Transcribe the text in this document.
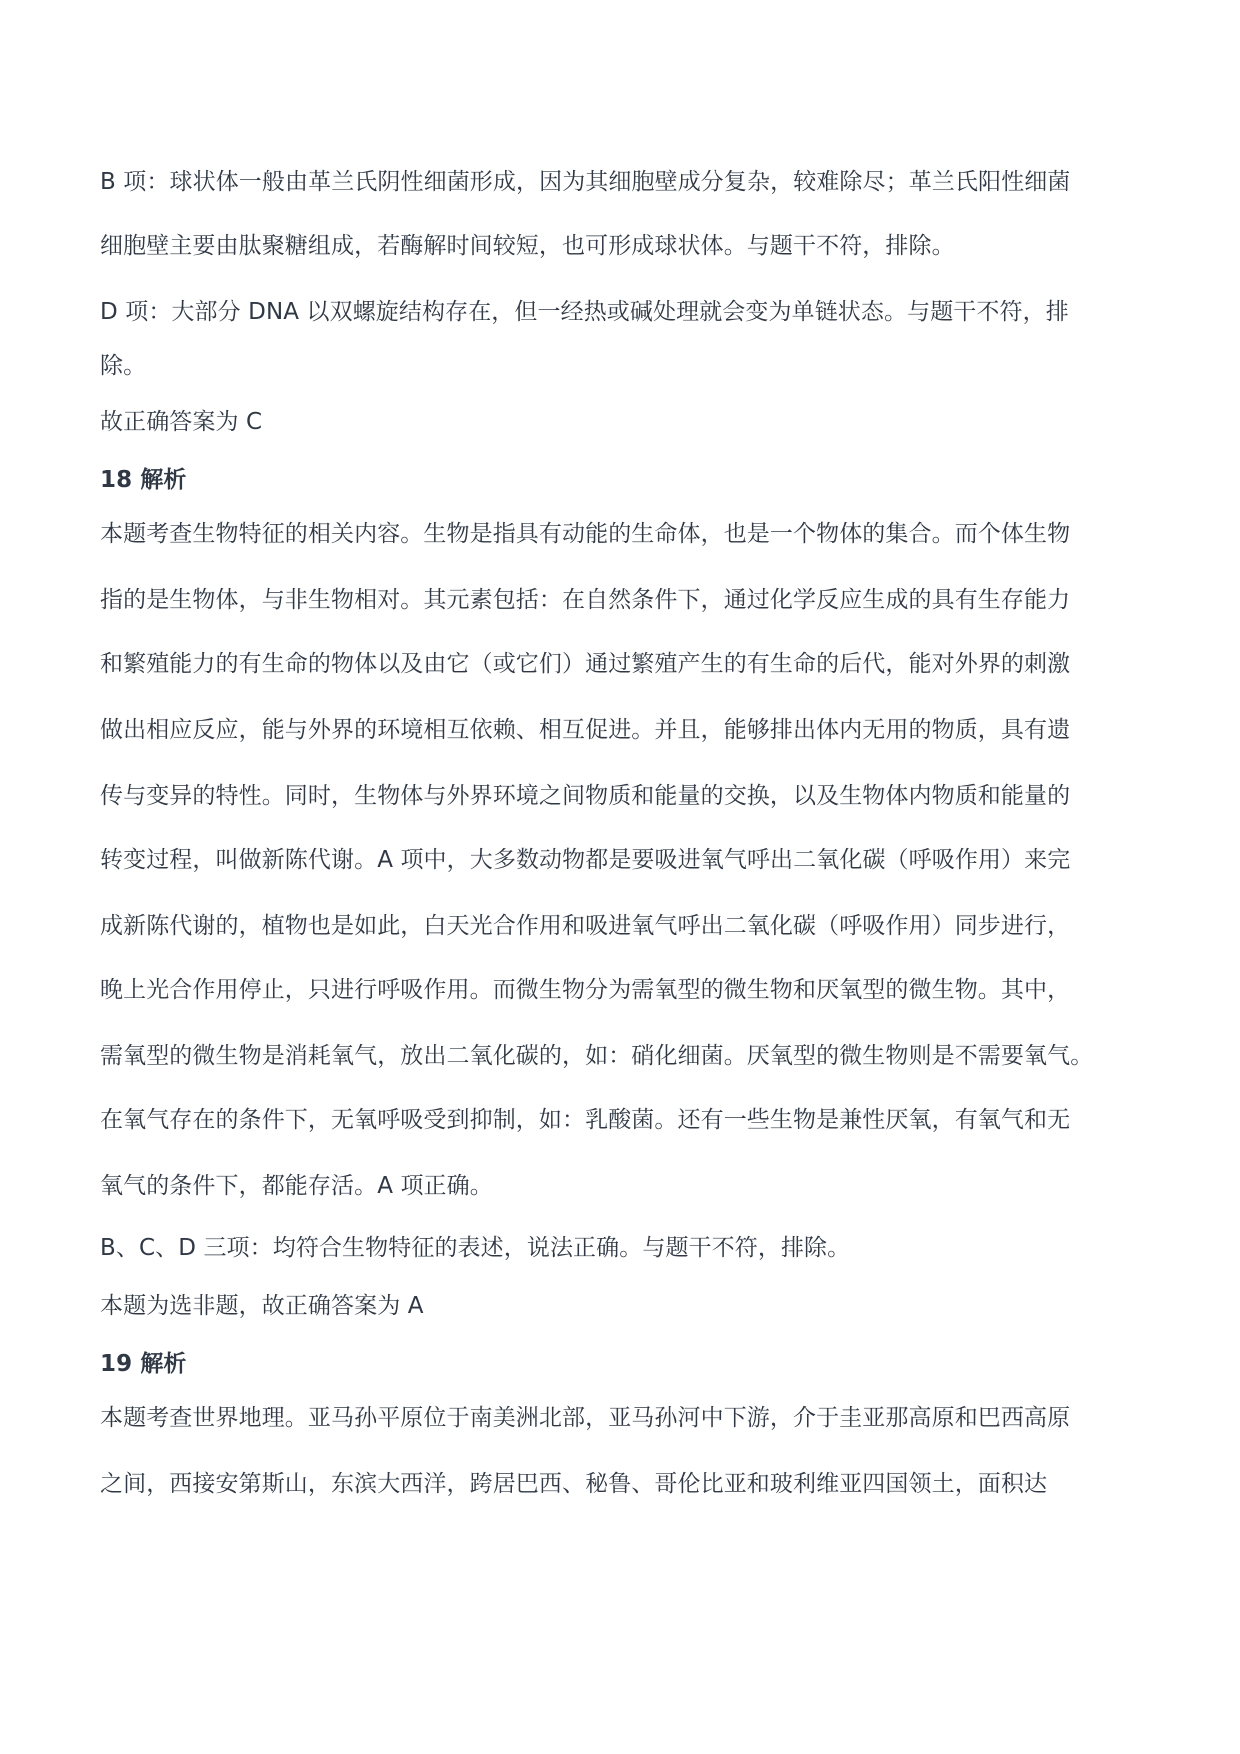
B 项：球状体一般由革兰氏阴性细菌形成，因为其细胞壁成分复杂，较难除尽；革兰氏阳性细菌

细胞壁主要由肽聚糖组成，若酶解时间较短，也可形成球状体。与题干不符，排除。

D 项：大部分 DNA 以双螺旋结构存在，但一经热或碱处理就会变为单链状态。与题干不符，排

除。

故正确答案为 C

18 解析

本题考查生物特征的相关内容。生物是指具有动能的生命体，也是一个物体的集合。而个体生物

指的是生物体，与非生物相对。其元素包括：在自然条件下，通过化学反应生成的具有生存能力

和繁殖能力的有生命的物体以及由它（或它们）通过繁殖产生的有生命的后代，能对外界的刺激

做出相应反应，能与外界的环境相互依赖、相互促进。并且，能够排出体内无用的物质，具有遗

传与变异的特性。同时，生物体与外界环境之间物质和能量的交换，以及生物体内物质和能量的

转变过程，叫做新陈代谢。A 项中，大多数动物都是要吸进氧气呼出二氧化碳（呼吸作用）来完

成新陈代谢的，植物也是如此，白天光合作用和吸进氧气呼出二氧化碳（呼吸作用）同步进行，

晚上光合作用停止，只进行呼吸作用。而微生物分为需氧型的微生物和厌氧型的微生物。其中，

需氧型的微生物是消耗氧气，放出二氧化碳的，如：硝化细菌。厌氧型的微生物则是不需要氧气。

在氧气存在的条件下，无氧呼吸受到抑制，如：乳酸菌。还有一些生物是兼性厌氧，有氧气和无

氧气的条件下，都能存活。A 项正确。

B、C、D 三项：均符合生物特征的表述，说法正确。与题干不符，排除。

本题为选非题，故正确答案为 A

19 解析

本题考查世界地理。亚马孙平原位于南美洲北部，亚马孙河中下游，介于圭亚那高原和巴西高原

之间，西接安第斯山，东滨大西洋，跨居巴西、秘鲁、哥伦比亚和玻利维亚四国领土，面积达
